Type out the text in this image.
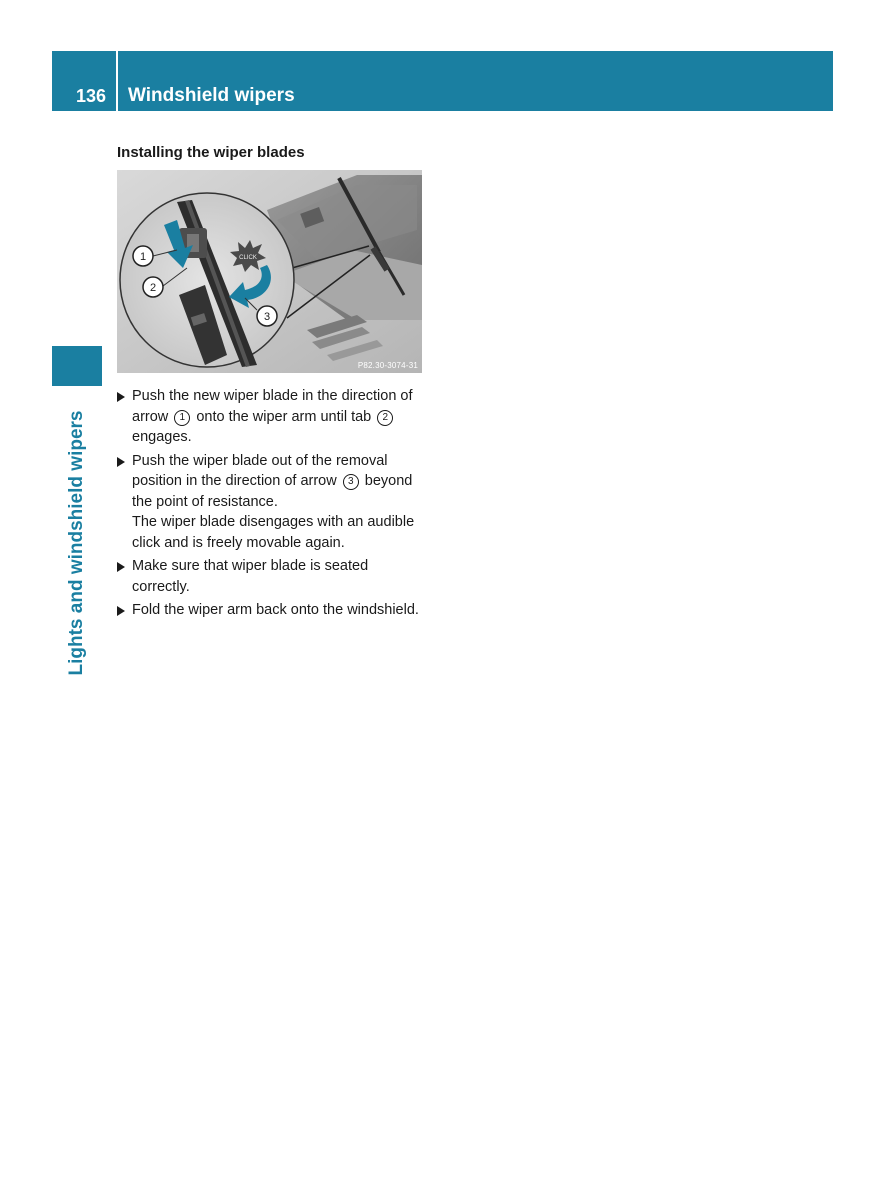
136	Windshield wipers
Lights and windshield wipers
Installing the wiper blades
CLICK
1
2
3
P82.30-3074-31
Push the new wiper blade in the direction of arrow 1 onto the wiper arm until tab 2 engages.
Push the wiper blade out of the removal position in the direction of arrow 3 beyond the point of resistance.
The wiper blade disengages with an audible click and is freely movable again.
Make sure that wiper blade is seated correctly.
Fold the wiper arm back onto the windshield.
